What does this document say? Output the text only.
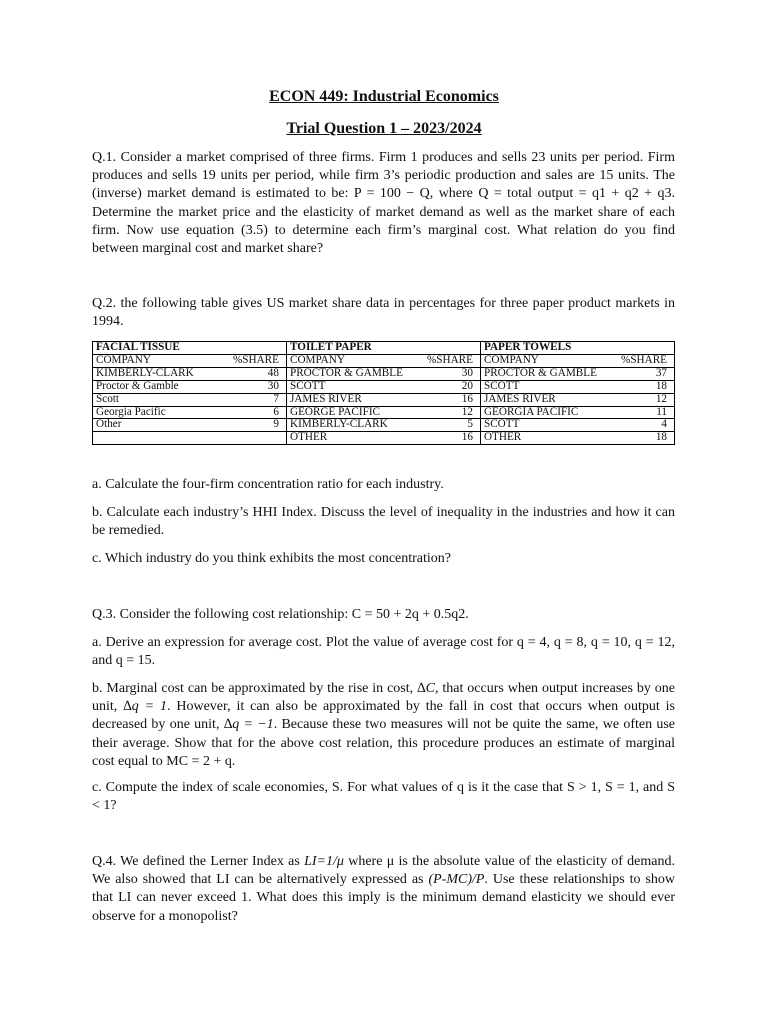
ECON 449: Industrial Economics
Trial Question 1 – 2023/2024

Q.1. Consider a market comprised of three firms. Firm 1 produces and sells 23 units per period. Firm produces and sells 19 units per period, while firm 3’s periodic production and sales are 15 units. The (inverse) market demand is estimated to be: P = 100 − Q, where Q = total output = q1 + q2 + q3. Determine the market price and the elasticity of market demand as well as the market share of each firm. Now use equation (3.5) to determine each firm’s marginal cost. What relation do you find between marginal cost and market share?

Q.2. the following table gives US market share data in percentages for three paper product markets in 1994.

FACIAL TISSUE		TOILET PAPER		PAPER TOWELS	
COMPANY	%SHARE	COMPANY	%SHARE	COMPANY	%SHARE
KIMBERLY-CLARK	48	PROCTOR & GAMBLE	30	PROCTOR & GAMBLE	37
Proctor & Gamble	30	SCOTT	20	SCOTT	18
Scott	7	JAMES RIVER	16	JAMES RIVER	12
Georgia Pacific	6	GEORGE PACIFIC	12	GEORGIA PACIFIC	11
Other	9	KIMBERLY-CLARK	5	SCOTT	4
		OTHER	16	OTHER	18

a. Calculate the four-firm concentration ratio for each industry.

b. Calculate each industry’s HHI Index. Discuss the level of inequality in the industries and how it can be remedied.

c. Which industry do you think exhibits the most concentration?

Q.3. Consider the following cost relationship: C = 50 + 2q + 0.5q2.

a. Derive an expression for average cost. Plot the value of average cost for q = 4, q = 8, q = 10, q = 12, and q = 15.

b. Marginal cost can be approximated by the rise in cost, ∆C, that occurs when output increases by one unit, ∆q = 1. However, it can also be approximated by the fall in cost that occurs when output is decreased by one unit, ∆q = −1. Because these two measures will not be quite the same, we often use their average. Show that for the above cost relation, this procedure produces an estimate of marginal cost equal to MC = 2 + q.

c. Compute the index of scale economies, S. For what values of q is it the case that S > 1, S = 1, and S < 1?

Q.4. We defined the Lerner Index as LI=1/μ where μ is the absolute value of the elasticity of demand. We also showed that LI can be alternatively expressed as (P-MC)/P. Use these relationships to show that LI can never exceed 1. What does this imply is the minimum demand elasticity we should ever observe for a monopolist?
